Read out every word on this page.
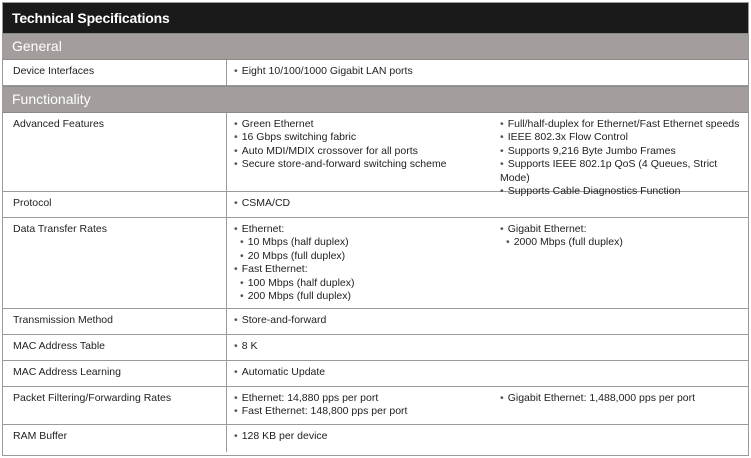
Technical Specifications
General
Device Interfaces	• Eight 10/100/1000 Gigabit LAN ports
Functionality
Advanced Features	• Green Ethernet
• 16 Gbps switching fabric
• Auto MDI/MDIX crossover for all ports
• Secure store-and-forward switching scheme
• Full/half-duplex for Ethernet/Fast Ethernet speeds
• IEEE 802.3x Flow Control
• Supports 9,216 Byte Jumbo Frames
• Supports IEEE 802.1p QoS (4 Queues, Strict Mode)
• Supports Cable Diagnostics Function
Protocol	• CSMA/CD
Data Transfer Rates	• Ethernet:
• 10 Mbps (half duplex)
• 20 Mbps (full duplex)
• Fast Ethernet:
• 100 Mbps (half duplex)
• 200 Mbps (full duplex)
• Gigabit Ethernet:
• 2000 Mbps (full duplex)
Transmission Method	• Store-and-forward
MAC Address Table	• 8 K
MAC Address Learning	• Automatic Update
Packet Filtering/Forwarding Rates	• Ethernet: 14,880 pps per port
• Fast Ethernet: 148,800 pps per port
• Gigabit Ethernet: 1,488,000 pps per port
RAM Buffer	• 128 KB per device
